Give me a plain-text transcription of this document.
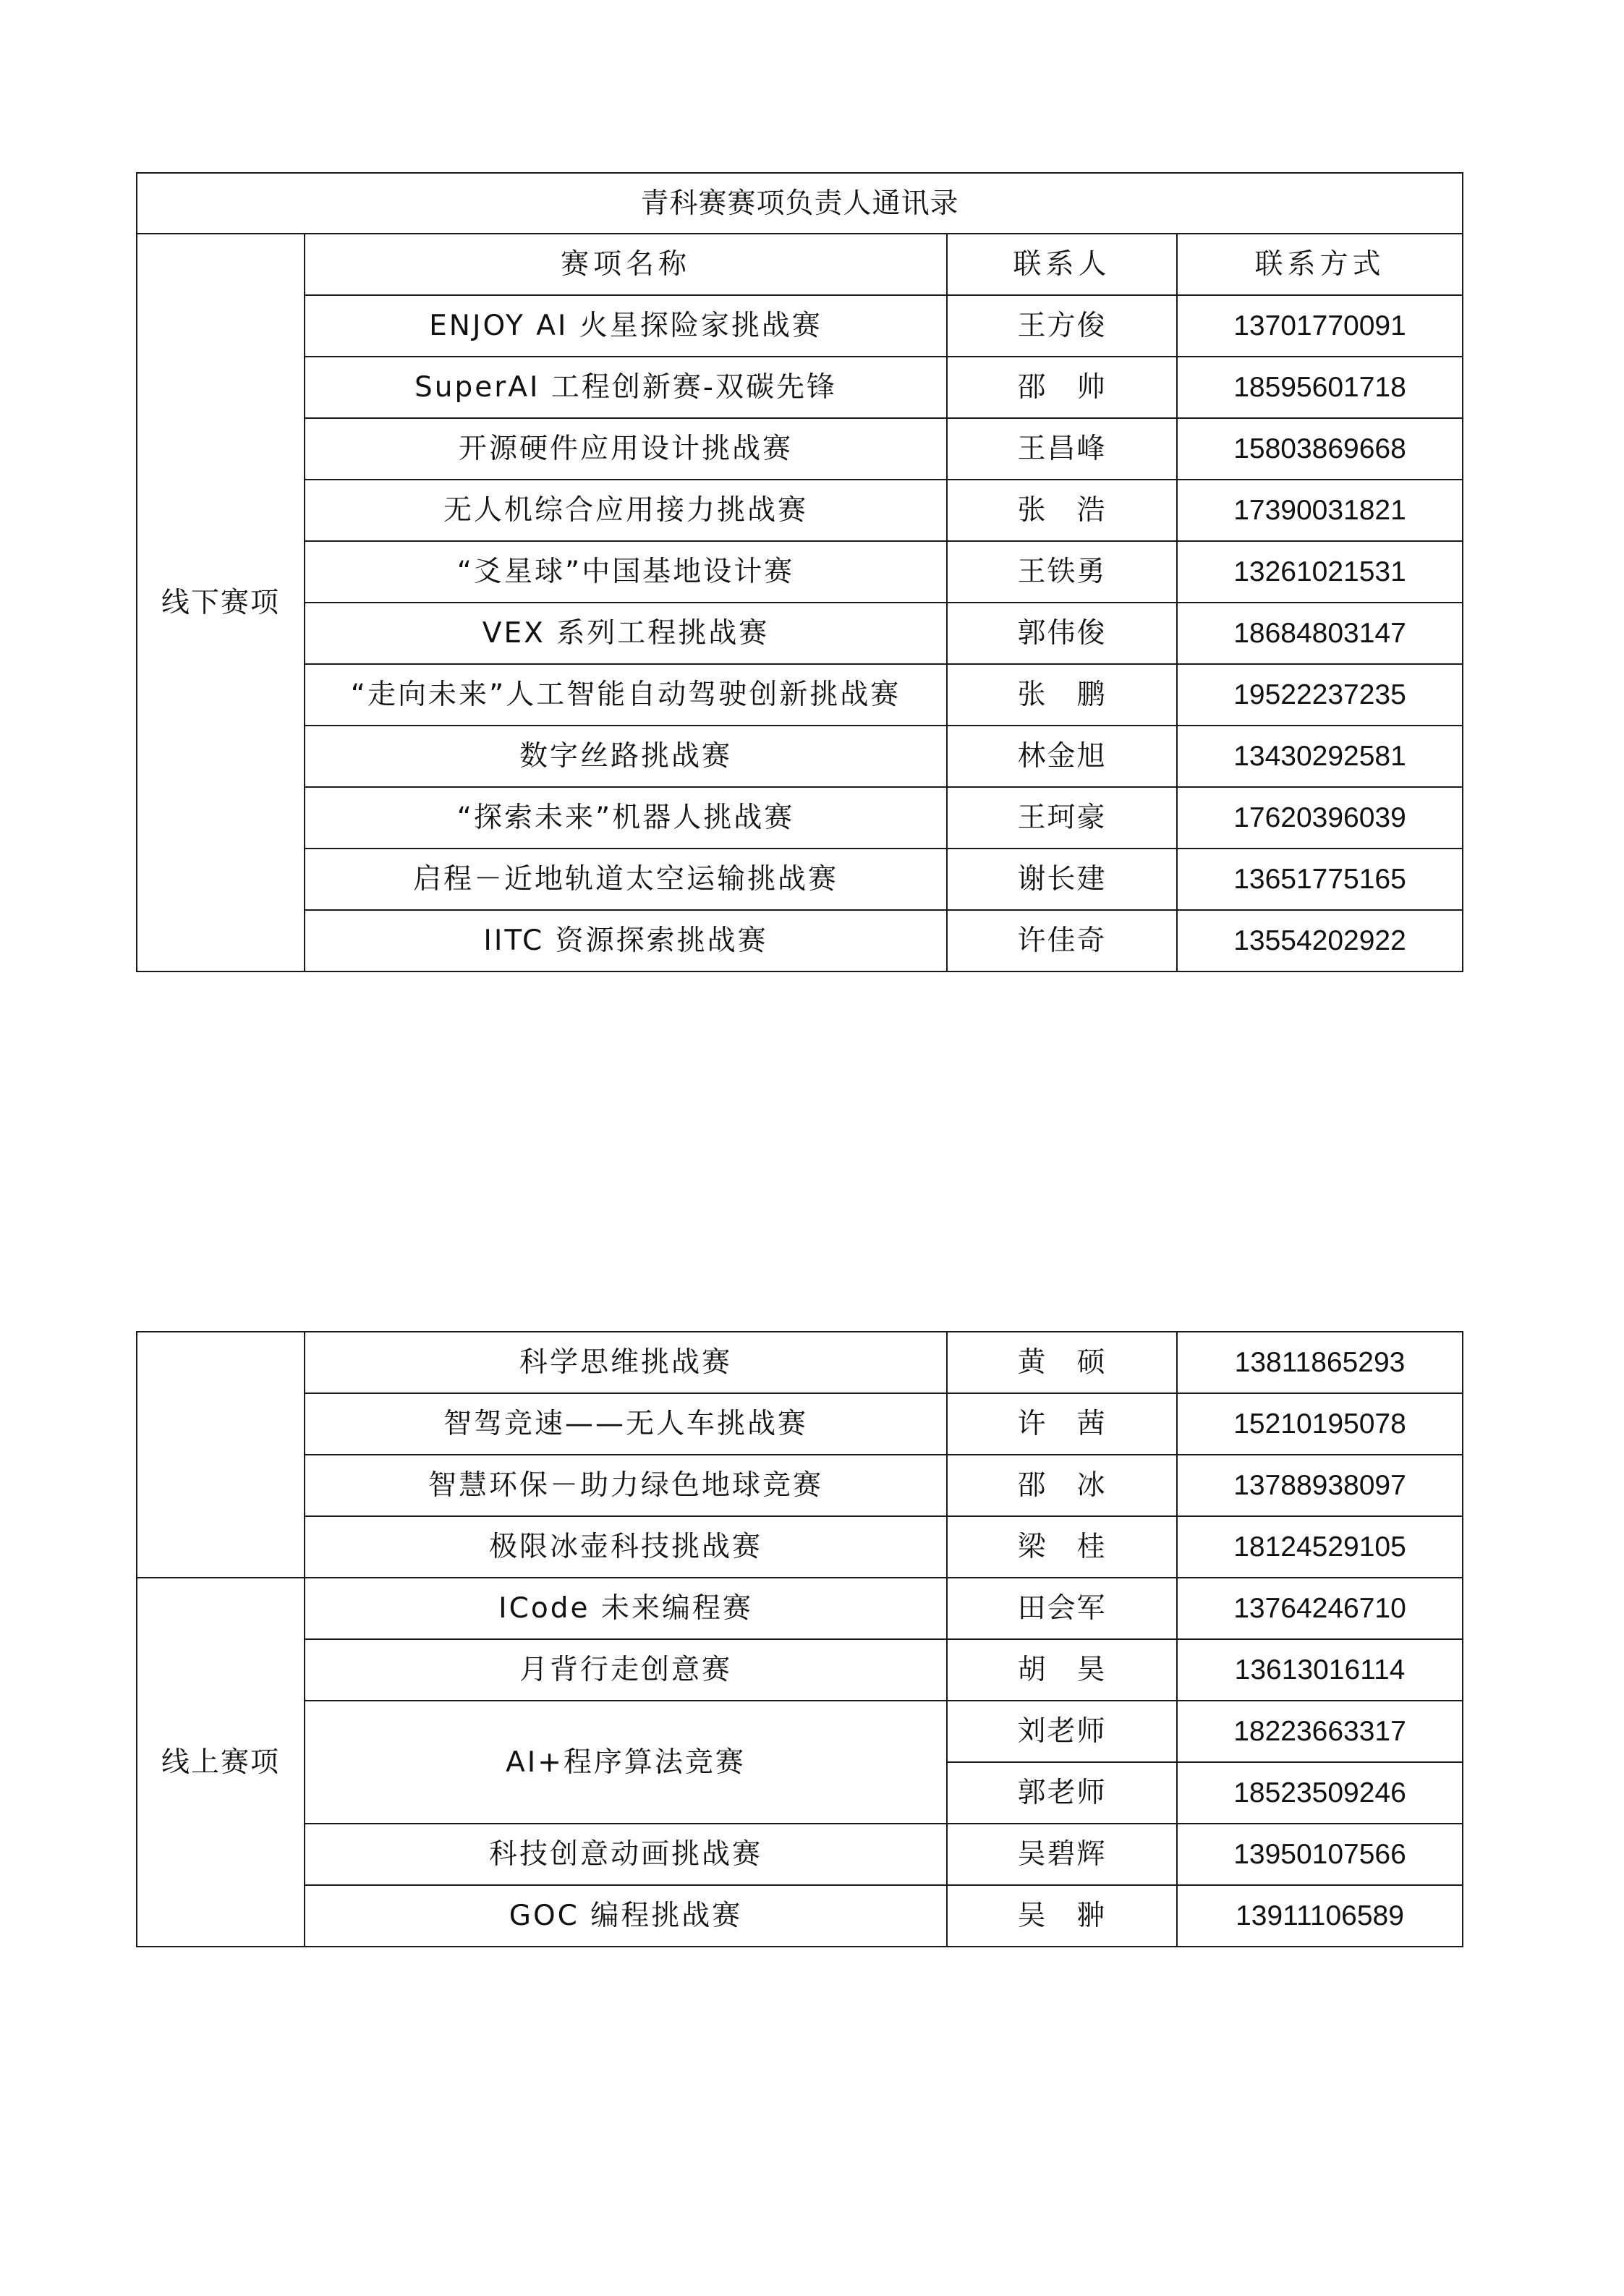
青科赛赛项负责人通讯录			
线下赛项	赛项名称	联系人	联系方式
	ENJOY AI 火星探险家挑战赛	王方俊	13701770091
	SuperAI 工程创新赛-双碳先锋	邵　帅	18595601718
	开源硬件应用设计挑战赛	王昌峰	15803869668
	无人机综合应用接力挑战赛	张　浩	17390031821
	“爻星球”中国基地设计赛	王铁勇	13261021531
	VEX 系列工程挑战赛	郭伟俊	18684803147
	“走向未来”人工智能自动驾驶创新挑战赛	张　鹏	19522237235
	数字丝路挑战赛	林金旭	13430292581
	“探索未来”机器人挑战赛	王珂豪	17620396039
	启程－近地轨道太空运输挑战赛	谢长建	13651775165
	IITC 资源探索挑战赛	许佳奇	13554202922
	科学思维挑战赛	黄　硕	13811865293
	智驾竞速——无人车挑战赛	许　茜	15210195078
	智慧环保－助力绿色地球竞赛	邵　冰	13788938097
	极限冰壶科技挑战赛	梁　桂	18124529105
线上赛项	ICode 未来编程赛	田会军	13764246710
	月背行走创意赛	胡　昊	13613016114
	AI+程序算法竞赛	刘老师	18223663317
		郭老师	18523509246
	科技创意动画挑战赛	吴碧辉	13950107566
	GOC 编程挑战赛	吴　翀	13911106589
